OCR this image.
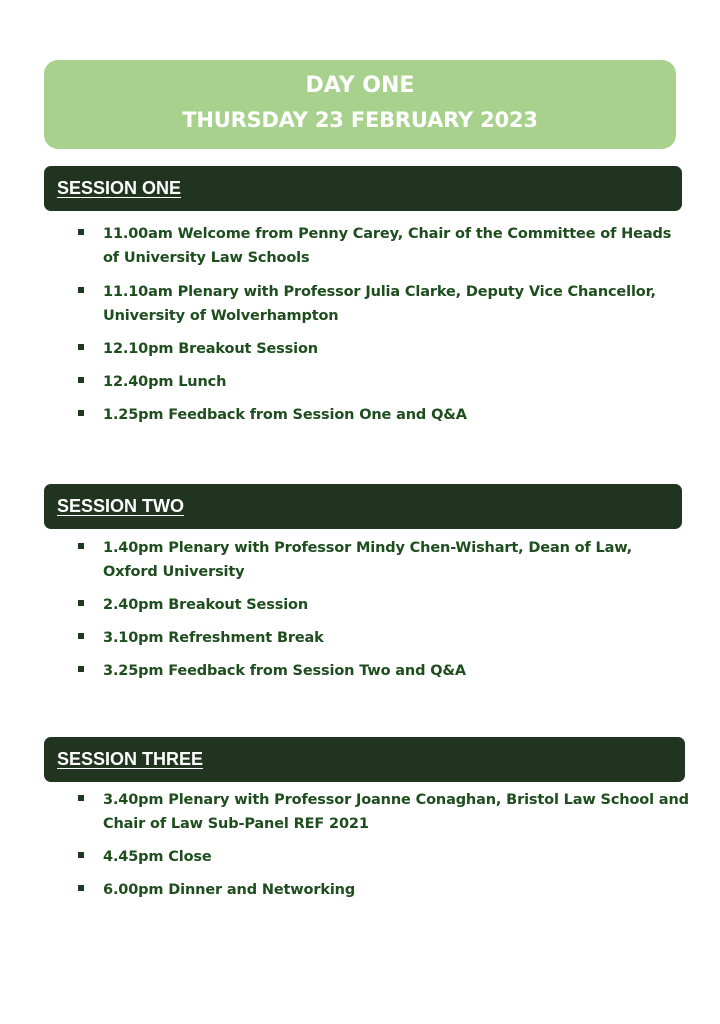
DAY ONE
THURSDAY 23 FEBRUARY 2023
SESSION ONE
11.00am Welcome from Penny Carey, Chair of the Committee of Heads of University Law Schools
11.10am Plenary with Professor Julia Clarke, Deputy Vice Chancellor, University of Wolverhampton
12.10pm Breakout Session
12.40pm Lunch
1.25pm Feedback from Session One and Q&A
SESSION TWO
1.40pm Plenary with Professor Mindy Chen-Wishart, Dean of Law, Oxford University
2.40pm Breakout Session
3.10pm Refreshment Break
3.25pm Feedback from Session Two and Q&A
SESSION THREE
3.40pm Plenary with Professor Joanne Conaghan, Bristol Law School and Chair of Law Sub-Panel REF 2021
4.45pm Close
6.00pm Dinner and Networking
